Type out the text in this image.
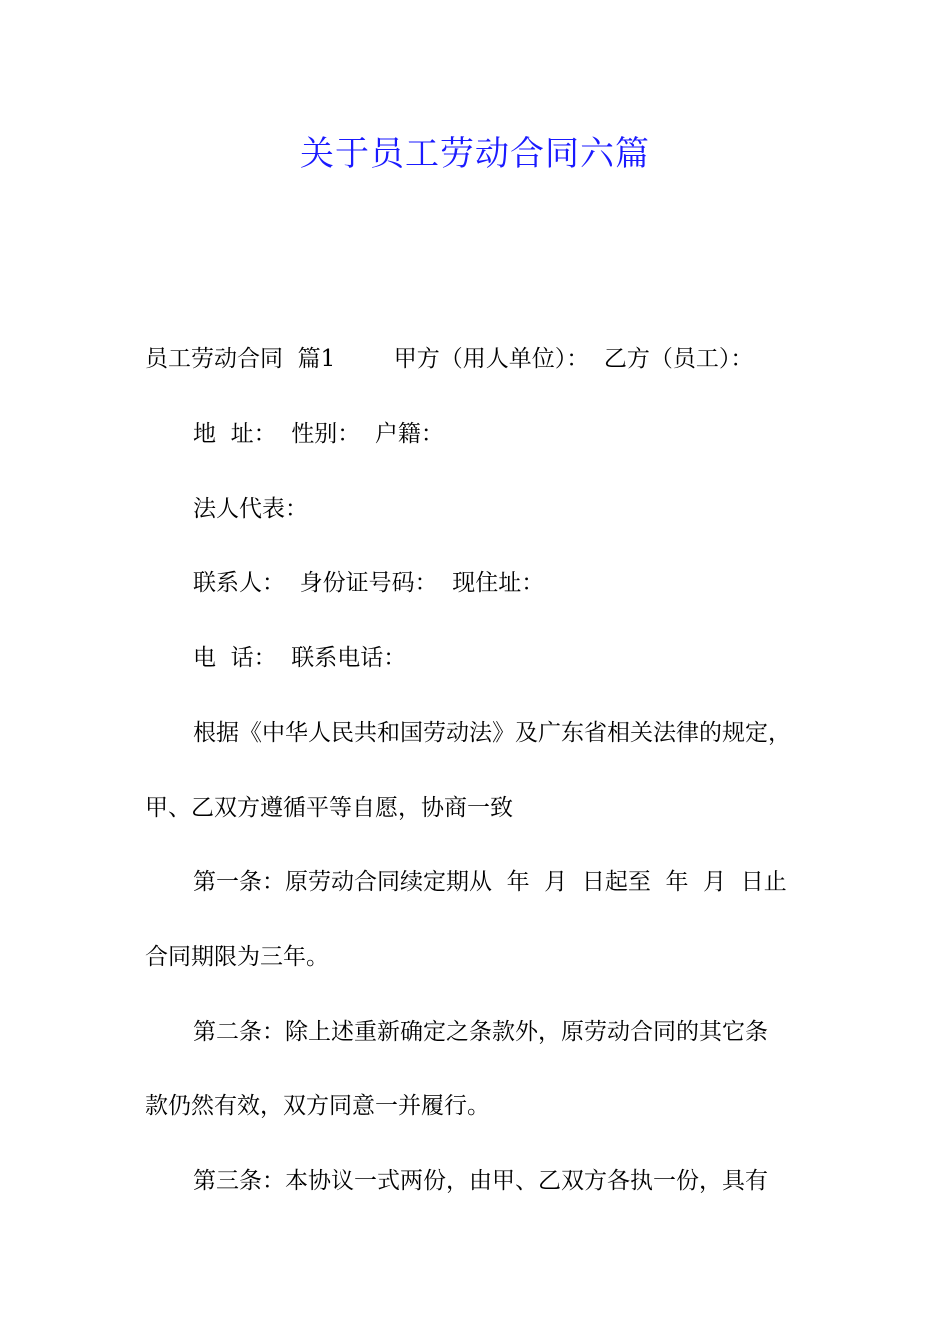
关于员工劳动合同六篇

员工劳动合同  篇1        甲方（用人单位）：  乙方（员工）：

地  址：  性别：  户籍：

法人代表：

联系人：  身份证号码：  现住址：

电  话：  联系电话：

根据《中华人民共和国劳动法》及广东省相关法律的规定，

甲、乙双方遵循平等自愿，协商一致

第一条：原劳动合同续定期从  年  月  日起至  年  月  日止

合同期限为三年。

第二条：除上述重新确定之条款外，原劳动合同的其它条

款仍然有效，双方同意一并履行。

第三条：本协议一式两份，由甲、乙双方各执一份，具有
